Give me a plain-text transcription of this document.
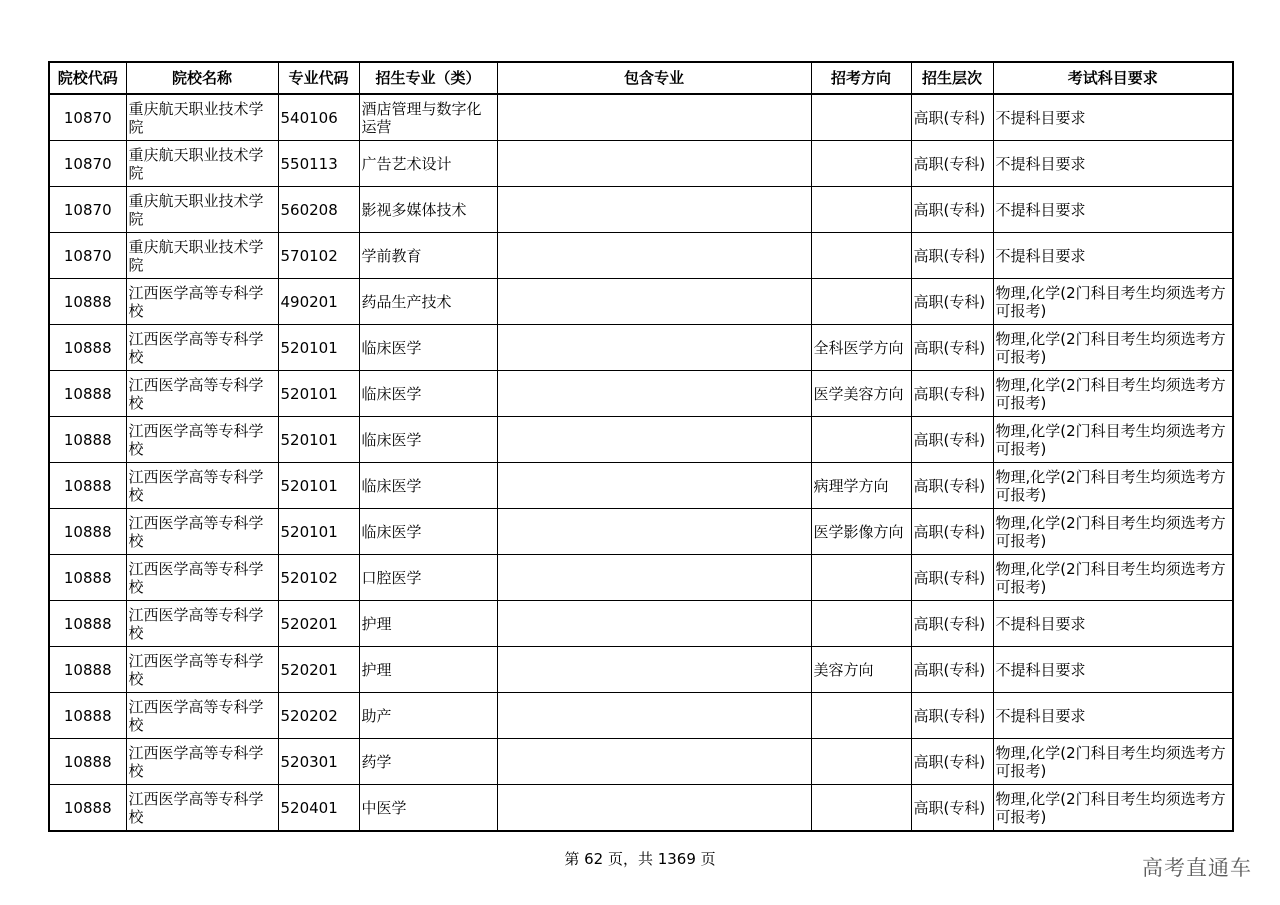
院校代码	院校名称	专业代码	招生专业（类）	包含专业	招考方向	招生层次	考试科目要求
10870	重庆航天职业技术学院	540106	酒店管理与数字化运营			高职(专科)	不提科目要求
10870	重庆航天职业技术学院	550113	广告艺术设计			高职(专科)	不提科目要求
10870	重庆航天职业技术学院	560208	影视多媒体技术			高职(专科)	不提科目要求
10870	重庆航天职业技术学院	570102	学前教育			高职(专科)	不提科目要求
10888	江西医学高等专科学校	490201	药品生产技术			高职(专科)	物理,化学(2门科目考生均须选考方可报考)
10888	江西医学高等专科学校	520101	临床医学		全科医学方向	高职(专科)	物理,化学(2门科目考生均须选考方可报考)
10888	江西医学高等专科学校	520101	临床医学		医学美容方向	高职(专科)	物理,化学(2门科目考生均须选考方可报考)
10888	江西医学高等专科学校	520101	临床医学			高职(专科)	物理,化学(2门科目考生均须选考方可报考)
10888	江西医学高等专科学校	520101	临床医学		病理学方向	高职(专科)	物理,化学(2门科目考生均须选考方可报考)
10888	江西医学高等专科学校	520101	临床医学		医学影像方向	高职(专科)	物理,化学(2门科目考生均须选考方可报考)
10888	江西医学高等专科学校	520102	口腔医学			高职(专科)	物理,化学(2门科目考生均须选考方可报考)
10888	江西医学高等专科学校	520201	护理			高职(专科)	不提科目要求
10888	江西医学高等专科学校	520201	护理		美容方向	高职(专科)	不提科目要求
10888	江西医学高等专科学校	520202	助产			高职(专科)	不提科目要求
10888	江西医学高等专科学校	520301	药学			高职(专科)	物理,化学(2门科目考生均须选考方可报考)
10888	江西医学高等专科学校	520401	中医学			高职(专科)	物理,化学(2门科目考生均须选考方可报考)
第 62 页，共 1369 页	高考直通车
